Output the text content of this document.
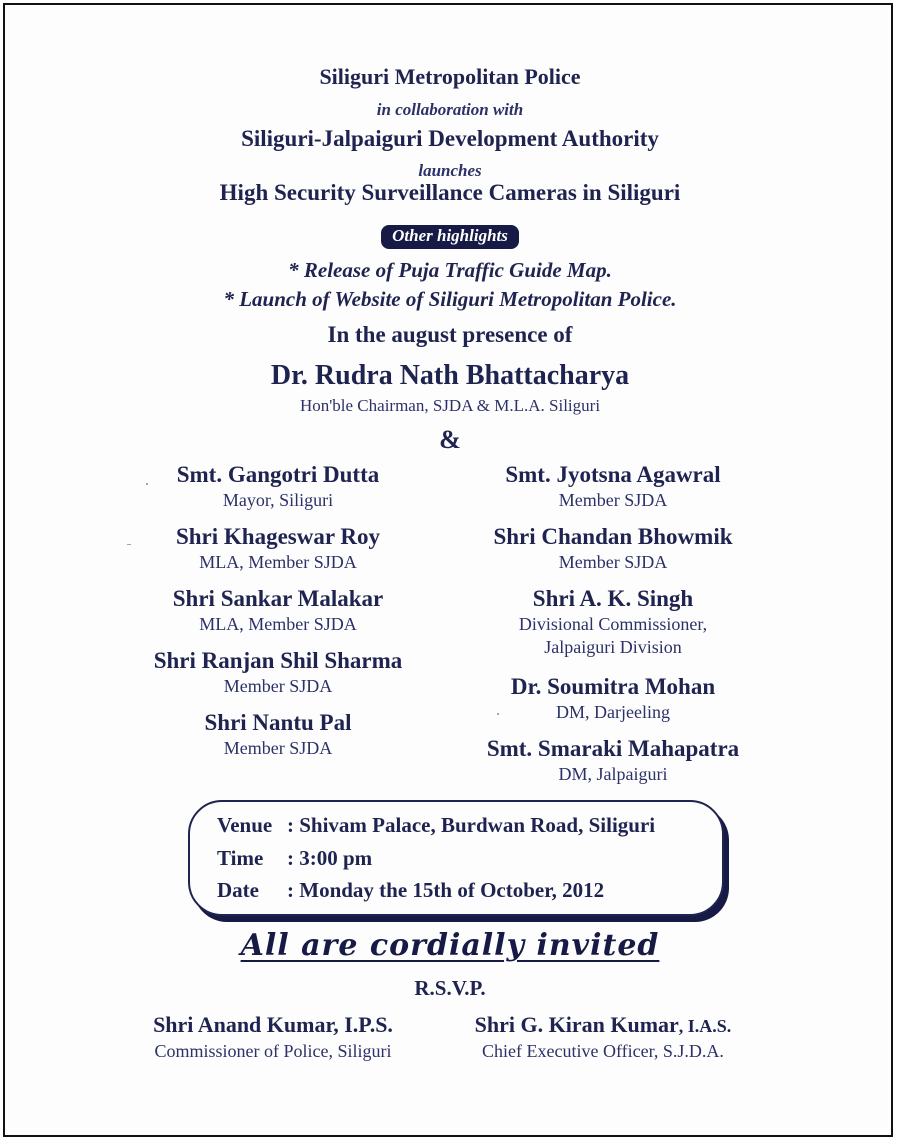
Siliguri Metropolitan Police
in collaboration with
Siliguri-Jalpaiguri Development Authority
launches
High Security Surveillance Cameras in Siliguri
Other highlights
* Release of Puja Traffic Guide Map.
* Launch of Website of Siliguri Metropolitan Police.
In the august presence of
Dr. Rudra Nath Bhattacharya
Hon'ble Chairman, SJDA & M.L.A. Siliguri
&
Smt. Gangotri Dutta
Mayor, Siliguri
Shri Khageswar Roy
MLA, Member SJDA
Shri Sankar Malakar
MLA, Member SJDA
Shri Ranjan Shil Sharma
Member SJDA
Shri Nantu Pal
Member SJDA
Smt. Jyotsna Agawral
Member SJDA
Shri Chandan Bhowmik
Member SJDA
Shri A. K. Singh
Divisional Commissioner,
Jalpaiguri Division
Dr. Soumitra Mohan
DM, Darjeeling
Smt. Smaraki Mahapatra
DM, Jalpaiguri
Venue : Shivam Palace, Burdwan Road, Siliguri
Time : 3:00 pm
Date : Monday the 15th of October, 2012
All are cordially invited
R.S.V.P.
Shri Anand Kumar, I.P.S.
Commissioner of Police, Siliguri
Shri G. Kiran Kumar, I.A.S.
Chief Executive Officer, S.J.D.A.
